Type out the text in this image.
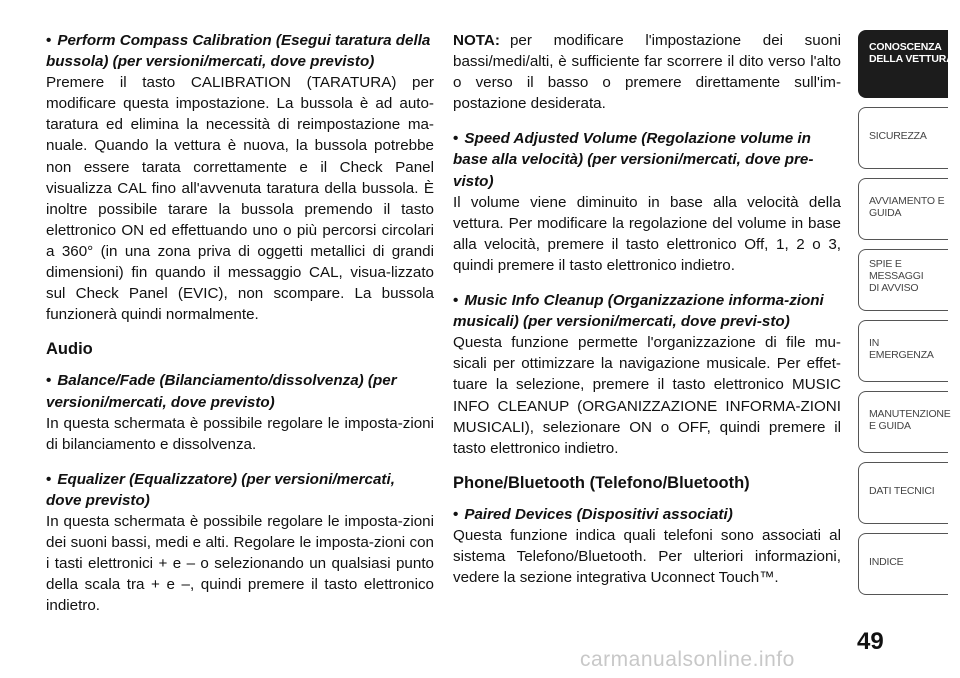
• Perform Compass Calibration (Esegui taratura della bussola) (per versioni/mercati, dove previsto)

Premere il tasto CALIBRATION (TARATURA) per modificare questa impostazione. La bussola è ad auto-taratura ed elimina la necessità di reimpostazione ma-nuale. Quando la vettura è nuova, la bussola potrebbe non essere tarata correttamente e il Check Panel visualizza CAL fino all'avvenuta taratura della bussola. È inoltre possibile tarare la bussola premendo il tasto elettronico ON ed effettuando uno o più percorsi circolari a 360° (in una zona priva di oggetti metallici di grandi dimensioni) fin quando il messaggio CAL, visua-lizzato sul Check Panel (EVIC), non scompare. La bussola funzionerà quindi normalmente.

Audio

• Balance/Fade (Bilanciamento/dissolvenza) (per versioni/mercati, dove previsto)

In questa schermata è possibile regolare le imposta-zioni di bilanciamento e dissolvenza.

• Equalizer (Equalizzatore) (per versioni/mercati, dove previsto)

In questa schermata è possibile regolare le imposta-zioni dei suoni bassi, medi e alti. Regolare le imposta-zioni con i tasti elettronici + e – o selezionando un qualsiasi punto della scala tra + e –, quindi premere il tasto elettronico indietro.

NOTA: per modificare l'impostazione dei suoni bassi/medi/alti, è sufficiente far scorrere il dito verso l'alto o verso il basso o premere direttamente sull'im-postazione desiderata.

• Speed Adjusted Volume (Regolazione volume in base alla velocità) (per versioni/mercati, dove pre-visto)

Il volume viene diminuito in base alla velocità della vettura. Per modificare la regolazione del volume in base alla velocità, premere il tasto elettronico Off, 1, 2 o 3, quindi premere il tasto elettronico indietro.

• Music Info Cleanup (Organizzazione informa-zioni musicali) (per versioni/mercati, dove previ-sto)

Questa funzione permette l'organizzazione di file mu-sicali per ottimizzare la navigazione musicale. Per effet-tuare la selezione, premere il tasto elettronico MUSIC INFO CLEANUP (ORGANIZZAZIONE INFORMA-ZIONI MUSICALI), selezionare ON o OFF, quindi premere il tasto elettronico indietro.

Phone/Bluetooth (Telefono/Bluetooth)

• Paired Devices (Dispositivi associati)

Questa funzione indica quali telefoni sono associati al sistema Telefono/Bluetooth. Per ulteriori informazioni, vedere la sezione integrativa Uconnect Touch™.

CONOSCENZA
DELLA VETTURA
SICUREZZA
AVVIAMENTO E
GUIDA
SPIE E
MESSAGGI
DI AVVISO
IN
EMERGENZA
MANUTENZIONE
E GUIDA
DATI TECNICI
INDICE
49
carmanualsonline.info
